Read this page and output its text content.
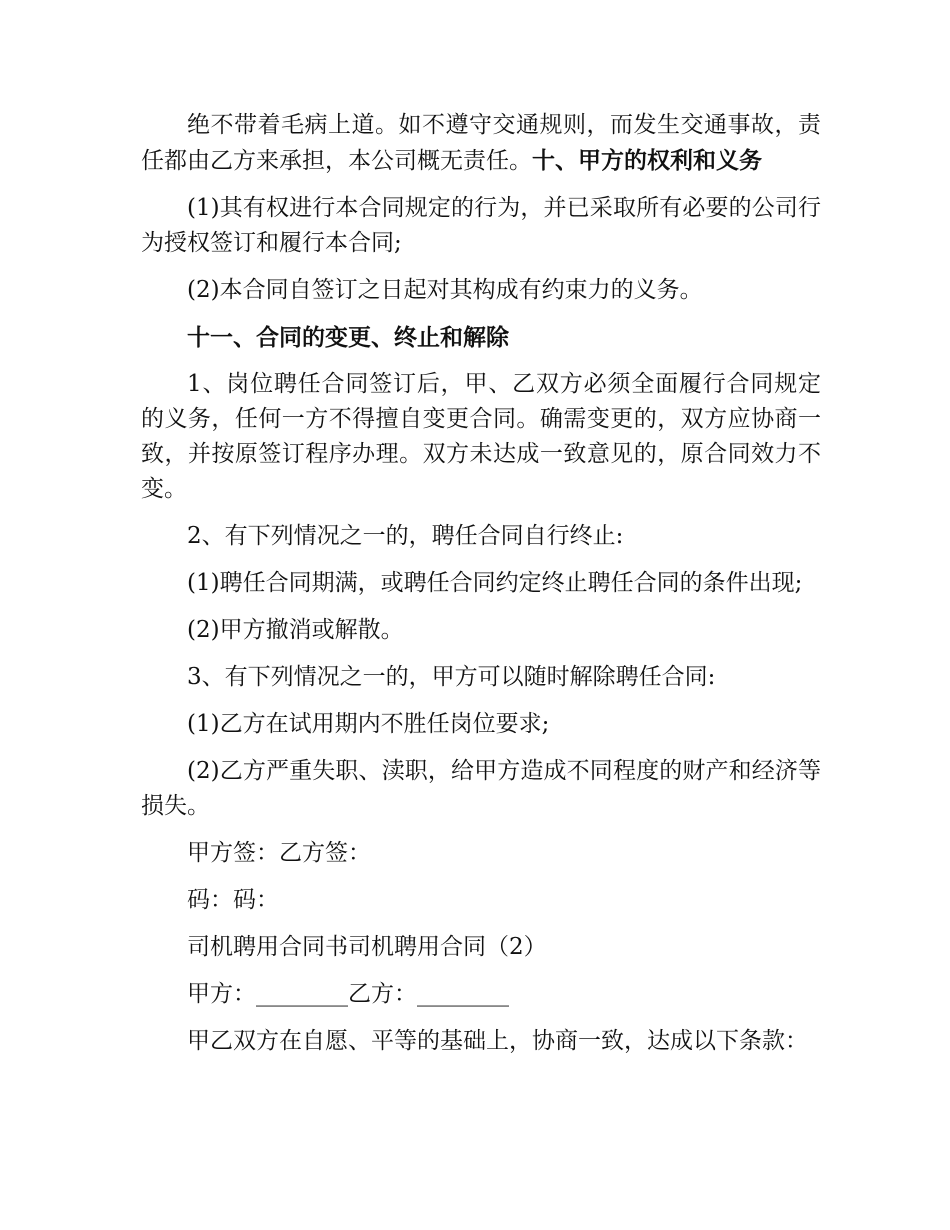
绝不带着毛病上道。如不遵守交通规则，而发生交通事故，责任都由乙方来承担，本公司概无责任。十、甲方的权利和义务

(1)其有权进行本合同规定的行为，并已采取所有必要的公司行为授权签订和履行本合同;

(2)本合同自签订之日起对其构成有约束力的义务。

十一、合同的变更、终止和解除

1、岗位聘任合同签订后，甲、乙双方必须全面履行合同规定的义务，任何一方不得擅自变更合同。确需变更的，双方应协商一致，并按原签订程序办理。双方未达成一致意见的，原合同效力不变。

2、有下列情况之一的，聘任合同自行终止:

(1)聘任合同期满，或聘任合同约定终止聘任合同的条件出现;

(2)甲方撤消或解散。

3、有下列情况之一的，甲方可以随时解除聘任合同:

(1)乙方在试用期内不胜任岗位要求;

(2)乙方严重失职、渎职，给甲方造成不同程度的财产和经济等损失。

甲方签：乙方签：

码：码：

司机聘用合同书司机聘用合同（2）

甲方：________乙方：________

甲乙双方在自愿、平等的基础上，协商一致，达成以下条款：
